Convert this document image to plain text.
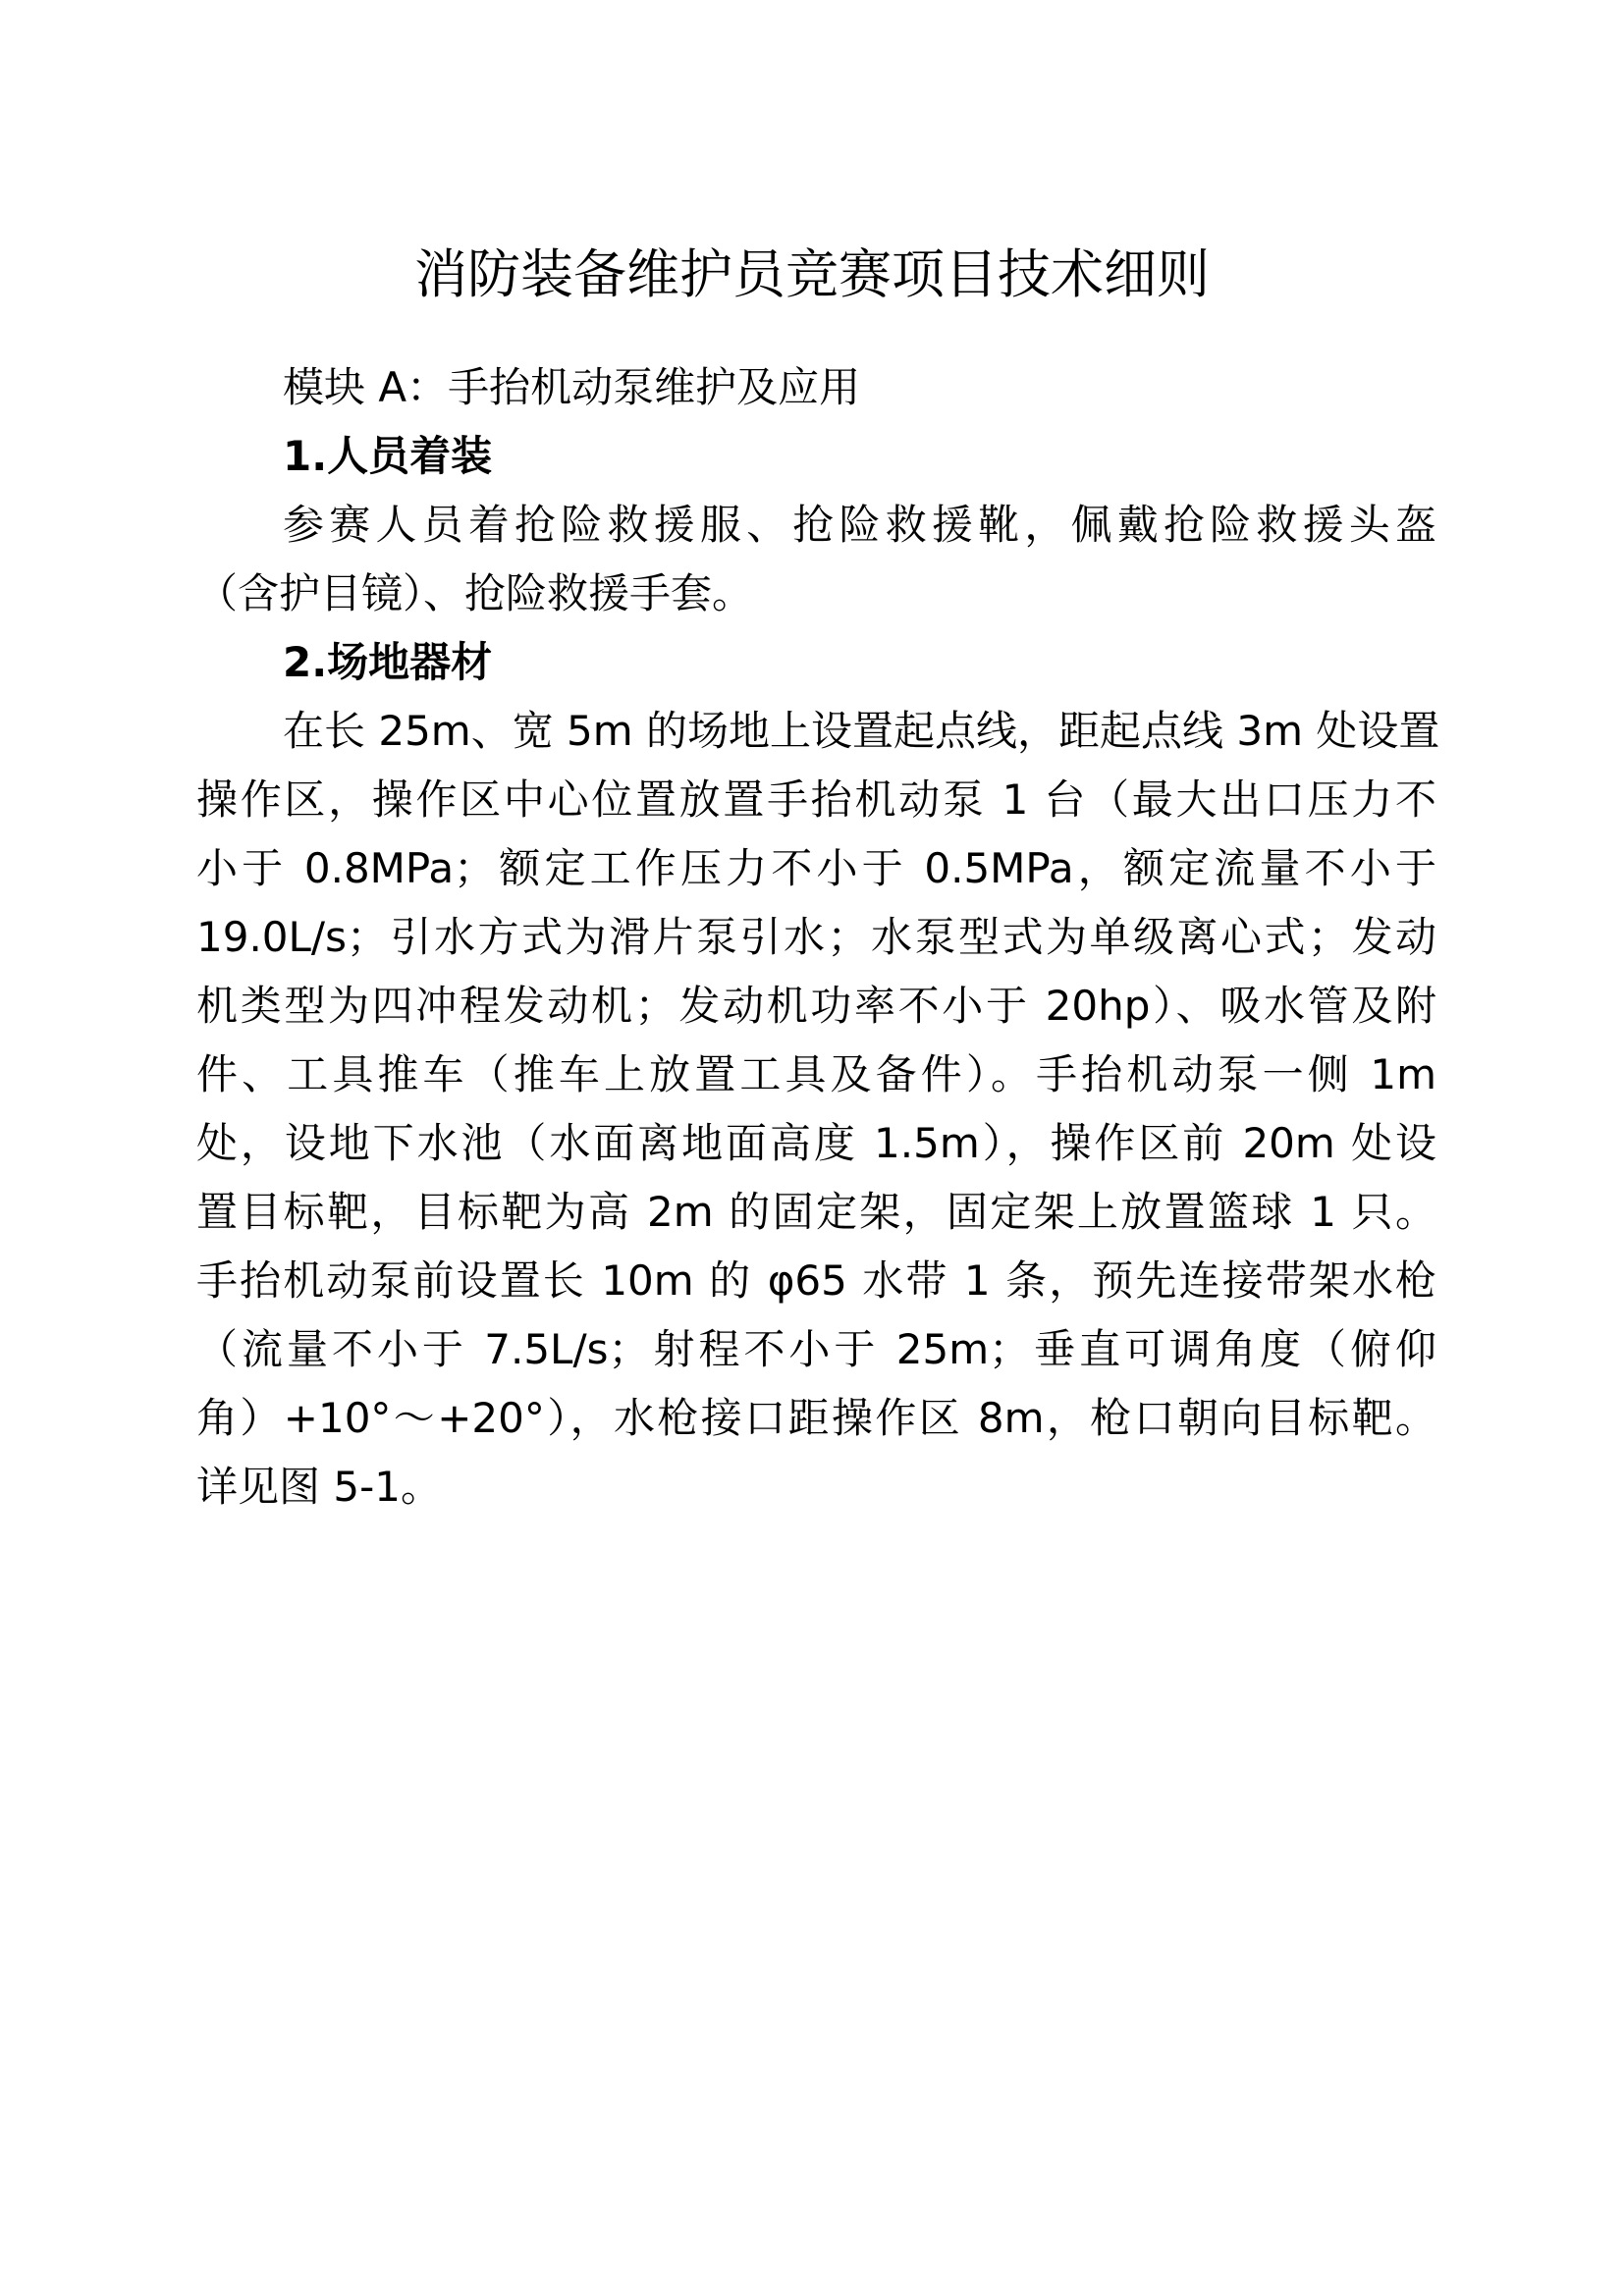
消防装备维护员竞赛项目技术细则
模块 A：手抬机动泵维护及应用
1.人员着装
参赛人员着抢险救援服、抢险救援靴，佩戴抢险救援头盔
（含护目镜）、抢险救援手套。
2.场地器材
在长 25m、宽 5m 的场地上设置起点线，距起点线 3m 处设置
操作区，操作区中心位置放置手抬机动泵 1 台（最大出口压力不
小于 0.8MPa；额定工作压力不小于 0.5MPa，额定流量不小于
19.0L/s；引水方式为滑片泵引水；水泵型式为单级离心式；发动
机类型为四冲程发动机；发动机功率不小于 20hp）、吸水管及附
件、工具推车（推车上放置工具及备件）。手抬机动泵一侧 1m
处，设地下水池（水面离地面高度 1.5m），操作区前 20m 处设
置目标靶，目标靶为高 2m 的固定架，固定架上放置篮球 1 只。
手抬机动泵前设置长 10m 的 φ65 水带 1 条，预先连接带架水枪
（流量不小于 7.5L/s；射程不小于 25m；垂直可调角度（俯仰
角）+10°～+20°），水枪接口距操作区 8m，枪口朝向目标靶。
详见图 5-1。
